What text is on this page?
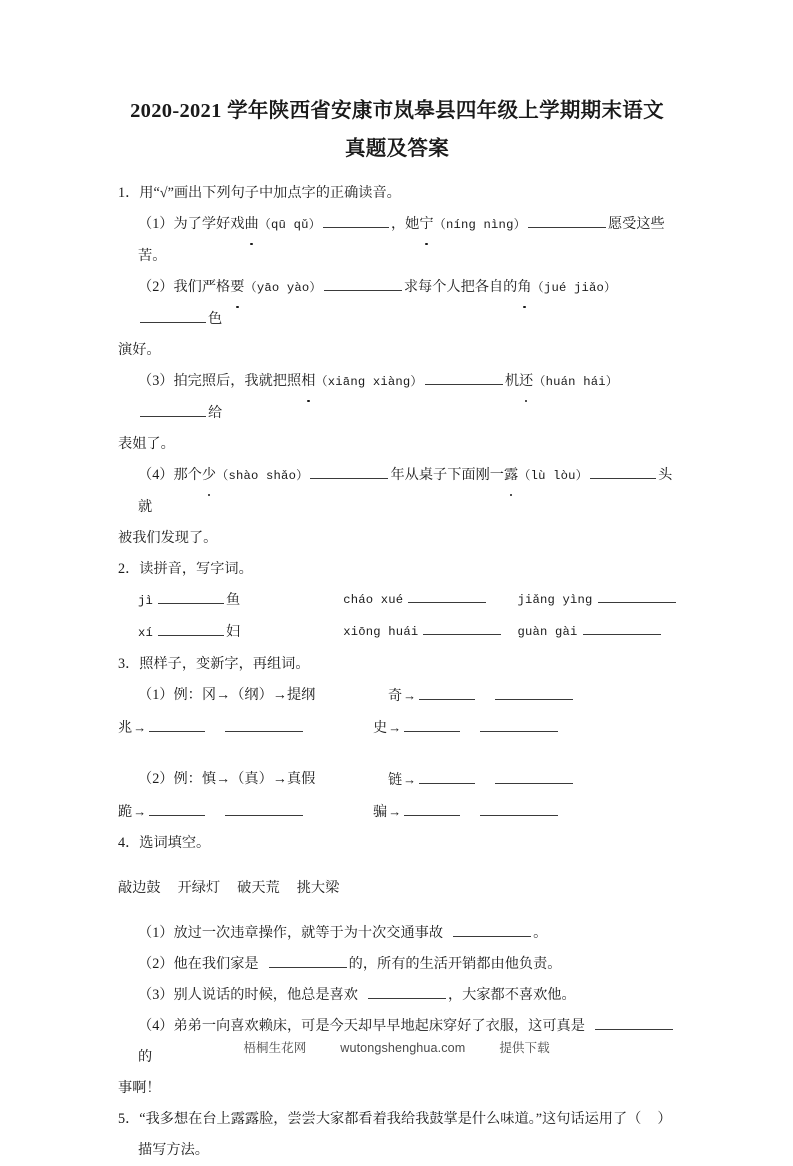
2020-2021 学年陕西省安康市岚皋县四年级上学期期末语文
真题及答案

1．用“√”画出下列句子中加点字的正确读音。

（1）为了学好戏曲（qū qǔ）	，她宁（níng nìng）	愿受这些苦。

（2）我们严格要（yāo yào）	求每个人把各自的角（jué jiǎo）色

演好。

（3）拍完照后，我就把照相（xiāng xiàng）	机还（huán hái）给

表姐了。

（4）那个少（shào shǎo）	年从桌子下面刚一露（lù lòu）	头就

被我们发现了。

2．读拼音，写字词。

jì	鱼	cháo xué	jiǎng yìng
xí	妇	xiōng huái	guàn gài

3．照样子，变新字，再组词。

（1）例：冈→（纲）→提纲	奇→
兆→	史→
（2）例：慎→（真）→真假	链→
跪→	骗→

4．选词填空。

敲边鼓 开绿灯 破天荒 挑大梁

（1）放过一次违章操作，就等于为十次交通事故	。

（2）他在我们家是	的，所有的生活开销都由他负责。

（3）别人说话的时候，他总是喜欢	，大家都不喜欢他。

（4）弟弟一向喜欢赖床，可是今天却早早地起床穿好了衣服，这可真是的

事啊！

5．“我多想在台上露露脸，尝尝大家都看着我给我鼓掌是什么味道。”这句话运用了（ ）

描写方法。

梧桐生花网	wutongshenghua.com	提供下载
